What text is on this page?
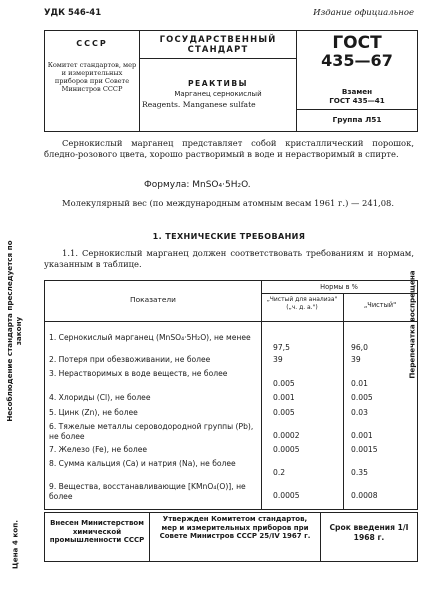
УДК 546-41	Издание официальное
СССР
Комитет стандартов, мер и измерительных приборов при Совете Министров СССР
ГОСУДАРСТВЕННЫЙ СТАНДАРТ
РЕАКТИВЫ
Марганец сернокислый
Reagents. Manganese sulfate
ГОСТ
435—67
Взамен
ГОСТ 435—41
Группа Л51
Сернокислый марганец представляет собой кристаллический порошок, бледно-розового цвета, хорошо растворимый в воде и нерастворимый в спирте.
Формула: MnSO₄·5H₂O.
Молекулярный вес (по международным атомным весам 1961 г.) — 241,08.
1. ТЕХНИЧЕСКИЕ ТРЕБОВАНИЯ
1.1. Сернокислый марганец должен соответствовать требованиям и нормам, указанным в таблице.
Показатели
Нормы в %
„Чистый для анализа" („ч. д. а.")	„Чистый"
1. Сернокислый марганец (MnSO₄·5H₂O), не менее
97,5	96,0
2. Потеря при обезвоживании, не более	39	39
3. Нерастворимых в воде веществ, не более
0.005	0.01
4. Хлориды (Cl), не более	0.001	0.005
5. Цинк (Zn), не более	0.005	0.03
6. Тяжелые металлы сероводородной группы (Pb), не более	0.0002	0.001
7. Железо (Fe), не более	0.0005	0.0015
8. Сумма кальция (Ca) и натрия (Na), не более
0.2	0.35
9. Вещества, восстанавливающие [KMnO₄(O)], не более	0.0005	0.0008
Несоблюдение стандарта преследуется по закону
Цена 4 коп.
Перепечатка воспрещена
Внесен Министерством химической промышленности СССР
Утвержден Комитетом стандартов, мер и измерительных приборов при Совете Министров СССР 25/IV 1967 г.
Срок введения 1/I 1968 г.
